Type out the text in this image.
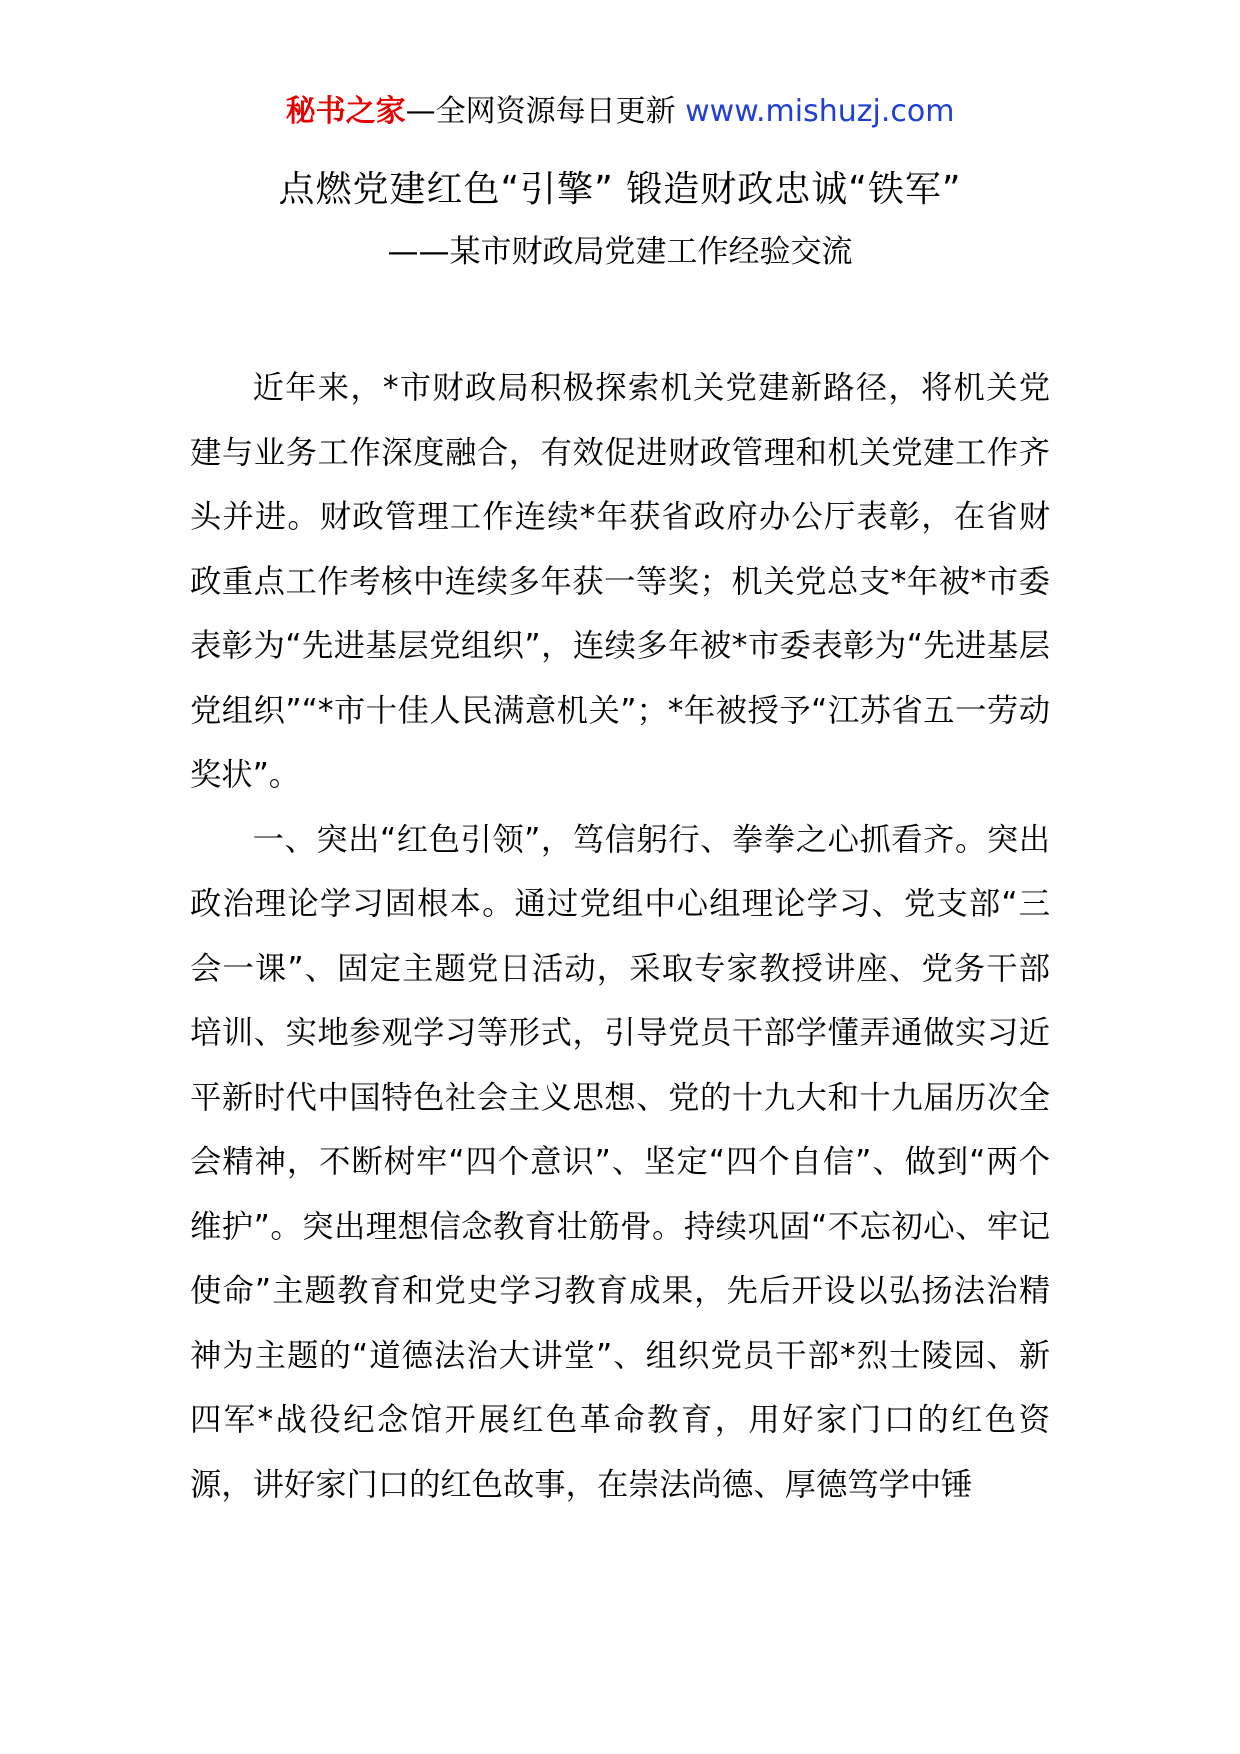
秘书之家—全网资源每日更新 www.mishuzj.com
点燃党建红色“引擎” 锻造财政忠诚“铁军”
——某市财政局党建工作经验交流

近年来，*市财政局积极探索机关党建新路径，将机关党建与业务工作深度融合，有效促进财政管理和机关党建工作齐头并进。财政管理工作连续*年获省政府办公厅表彰，在省财政重点工作考核中连续多年获一等奖；机关党总支*年被*市委表彰为“先进基层党组织”，连续多年被*市委表彰为“先进基层党组织”“*市十佳人民满意机关”；*年被授予“江苏省五一劳动奖状”。

一、突出“红色引领”，笃信躬行、拳拳之心抓看齐。突出政治理论学习固根本。通过党组中心组理论学习、党支部“三会一课”、固定主题党日活动，采取专家教授讲座、党务干部培训、实地参观学习等形式，引导党员干部学懂弄通做实习近平新时代中国特色社会主义思想、党的十九大和十九届历次全会精神，不断树牢“四个意识”、坚定“四个自信”、做到“两个维护”。突出理想信念教育壮筋骨。持续巩固“不忘初心、牢记使命”主题教育和党史学习教育成果，先后开设以弘扬法治精神为主题的“道德法治大讲堂”、组织党员干部*烈士陵园、新四军*战役纪念馆开展红色革命教育，用好家门口的红色资源，讲好家门口的红色故事，在崇法尚德、厚德笃学中锤
